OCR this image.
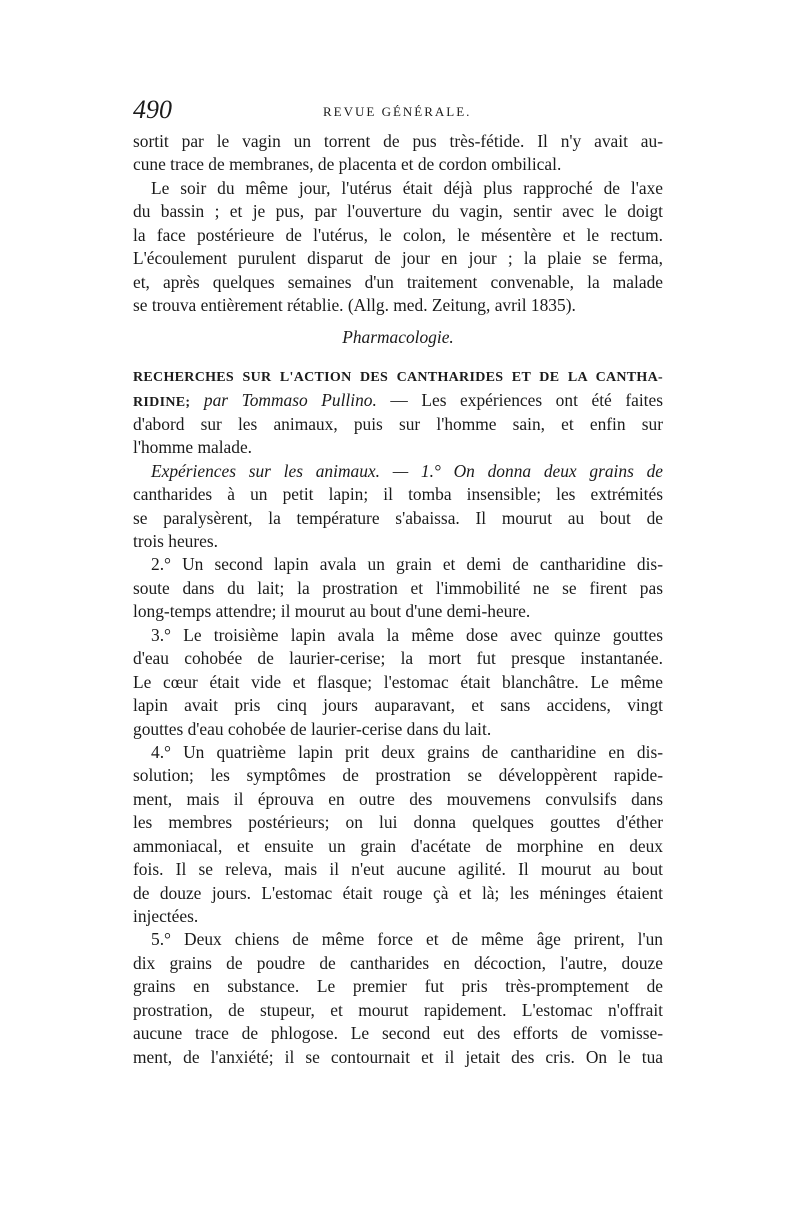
490	REVUE GÉNÉRALE.
sortit par le vagin un torrent de pus très-fétide. Il n'y avait au-
cune trace de membranes, de placenta et de cordon ombilical.
Le soir du même jour, l'utérus était déjà plus rapproché de l'axe
du bassin ; et je pus, par l'ouverture du vagin, sentir avec le doigt
la face postérieure de l'utérus, le colon, le mésentère et le rectum.
L'écoulement purulent disparut de jour en jour ; la plaie se ferma,
et, après quelques semaines d'un traitement convenable, la malade
se trouva entièrement rétablie. (Allg. med. Zeitung, avril 1835).
Pharmacologie.
RECHERCHES SUR L'ACTION DES CANTHARIDES ET DE LA CANTHA-
RIDINE; par Tommaso Pullino. — Les expériences ont été faites
d'abord sur les animaux, puis sur l'homme sain, et enfin sur
l'homme malade.
Expériences sur les animaux. — 1.° On donna deux grains de
cantharides à un petit lapin; il tomba insensible; les extrémités
se paralysèrent, la température s'abaissa. Il mourut au bout de
trois heures.
2.° Un second lapin avala un grain et demi de cantharidine dis-
soute dans du lait; la prostration et l'immobilité ne se firent pas
long-temps attendre; il mourut au bout d'une demi-heure.
3.° Le troisième lapin avala la même dose avec quinze gouttes
d'eau cohobée de laurier-cerise; la mort fut presque instantanée.
Le cœur était vide et flasque; l'estomac était blanchâtre. Le même
lapin avait pris cinq jours auparavant, et sans accidens, vingt
gouttes d'eau cohobée de laurier-cerise dans du lait.
4.° Un quatrième lapin prit deux grains de cantharidine en dis-
solution; les symptômes de prostration se développèrent rapide-
ment, mais il éprouva en outre des mouvemens convulsifs dans
les membres postérieurs; on lui donna quelques gouttes d'éther
ammoniacal, et ensuite un grain d'acétate de morphine en deux
fois. Il se releva, mais il n'eut aucune agilité. Il mourut au bout
de douze jours. L'estomac était rouge çà et là; les méninges étaient
injectées.
5.° Deux chiens de même force et de même âge prirent, l'un
dix grains de poudre de cantharides en décoction, l'autre, douze
grains en substance. Le premier fut pris très-promptement de
prostration, de stupeur, et mourut rapidement. L'estomac n'offrait
aucune trace de phlogose. Le second eut des efforts de vomisse-
ment, de l'anxiété; il se contournait et il jetait des cris. On le tua
